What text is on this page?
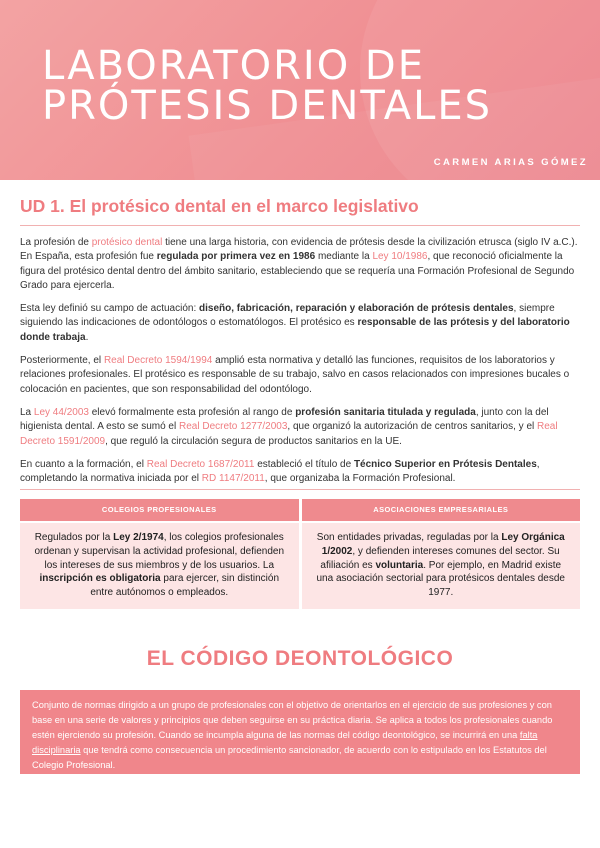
LABORATORIO DE PRÓTESIS DENTALES
CARMEN ARIAS GÓMEZ
UD 1. El protésico dental en el marco legislativo

La profesión de protésico dental tiene una larga historia, con evidencia de prótesis desde la civilización etrusca (siglo IV a.C.). En España, esta profesión fue regulada por primera vez en 1986 mediante la Ley 10/1986, que reconoció oficialmente la figura del protésico dental dentro del ámbito sanitario, estableciendo que se requería una Formación Profesional de Segundo Grado para ejercerla.

Esta ley definió su campo de actuación: diseño, fabricación, reparación y elaboración de prótesis dentales, siempre siguiendo las indicaciones de odontólogos o estomatólogos. El protésico es responsable de las prótesis y del laboratorio donde trabaja.

Posteriormente, el Real Decreto 1594/1994 amplió esta normativa y detalló las funciones, requisitos de los laboratorios y relaciones profesionales. El protésico es responsable de su trabajo, salvo en casos relacionados con impresiones bucales o colocación en pacientes, que son responsabilidad del odontólogo.

La Ley 44/2003 elevó formalmente esta profesión al rango de profesión sanitaria titulada y regulada, junto con la del higienista dental. A esto se sumó el Real Decreto 1277/2003, que organizó la autorización de centros sanitarios, y el Real Decreto 1591/2009, que reguló la circulación segura de productos sanitarios en la UE.

En cuanto a la formación, el Real Decreto 1687/2011 estableció el título de Técnico Superior en Prótesis Dentales, completando la normativa iniciada por el RD 1147/2011, que organizaba la Formación Profesional.

COLEGIOS PROFESIONALES
Regulados por la Ley 2/1974, los colegios profesionales ordenan y supervisan la actividad profesional, defienden los intereses de sus miembros y de los usuarios. La inscripción es obligatoria para ejercer, sin distinción entre autónomos o empleados.
ASOCIACIONES EMPRESARIALES
Son entidades privadas, reguladas por la Ley Orgánica 1/2002, y defienden intereses comunes del sector. Su afiliación es voluntaria. Por ejemplo, en Madrid existe una asociación sectorial para protésicos dentales desde 1977.
EL CÓDIGO DEONTOLÓGICO
Conjunto de normas dirigido a un grupo de profesionales con el objetivo de orientarlos en el ejercicio de sus profesiones y con base en una serie de valores y principios que deben seguirse en su práctica diaria. Se aplica a todos los profesionales cuando estén ejerciendo su profesión. Cuando se incumpla alguna de las normas del código deontológico, se incurrirá en una falta disciplinaria que tendrá como consecuencia un procedimiento sancionador, de acuerdo con lo estipulado en los Estatutos del Colegio Profesional.
